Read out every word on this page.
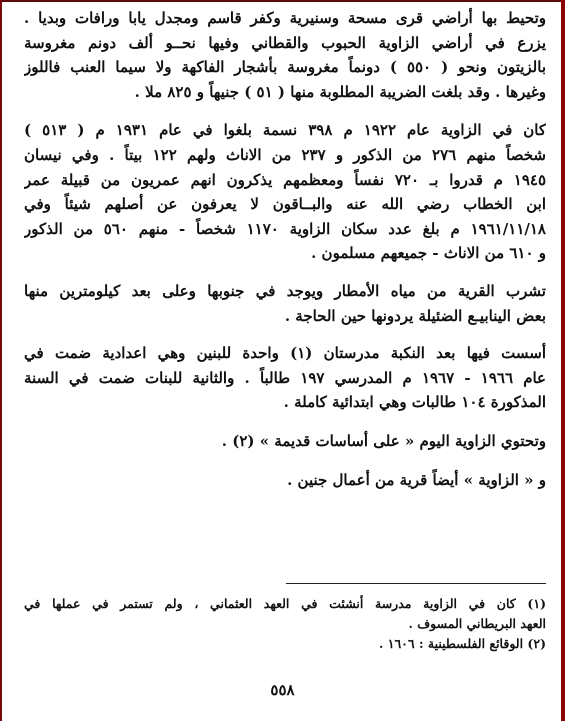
وتحيط بها أراضي قرى مسحة وسنيرية وكفر قاسم ومجدل يابا ورافات وبديا .
يزرع في أراضي الزاوية الحبوب والقطاني وفيها نحــو ألف دونم مغروسة
بالزيتون ونحو ( ٥٥٠ ) دونماً مغروسة بأشجار الفاكهة ولا سيما العنب فاللوز
وغيرها . وقد بلغت الضريبة المطلوبة منها ( ٥١ ) جنيهاً و ٨٢٥ ملا .

كان في الزاوية عام ١٩٢٢ م ٣٩٨ نسمة بلغوا في عام ١٩٣١ م ( ٥١٣ )
شخصاً منهم ٢٧٦ من الذكور و ٢٣٧ من الاناث ولهم ١٢٢ بيتاً . وفي نيسان
١٩٤٥ م قدروا بـ ٧٢٠ نفساً ومعظمهم يذكرون انهم عمريون من قبيلة عمر
ابن الخطاب رضي الله عنه والبــاقون لا يعرفون عن أصلهم شيئاً وفي
١٩٦١/١١/١٨ م بلغ عدد سكان الزاوية ١١٧٠ شخصاً - منهم ٥٦٠ من الذكور
و ٦١٠ من الاناث - جميعهم مسلمون .

تشرب القرية من مياه الأمطار ويوجد في جنوبها وعلى بعد كيلومترين منها
بعض الينابيـع الضئيلة يردونها حين الحاجة .

أسست فيها بعد النكبة مدرستان (١) واحدة للبنين وهي اعدادية ضمت في
عام ١٩٦٦ - ١٩٦٧ م المدرسي ١٩٧ طالباً . والثانية للبنات ضمت في السنة
المذكورة ١٠٤ طالبات وهي ابتدائية كاملة .

وتحتوي الزاوية اليوم « على أساسات قديمة » (٢) .

و « الزاوية » أيضاً قرية من أعمال جنين .

(١) كان في الزاوية مدرسة أنشئت في العهد العثماني ، ولم تستمر في عملها في
العهد البريطاني المسوف .
(٢) الوقائع الفلسطينية : ١٦٠٦ .
٥٥٨
